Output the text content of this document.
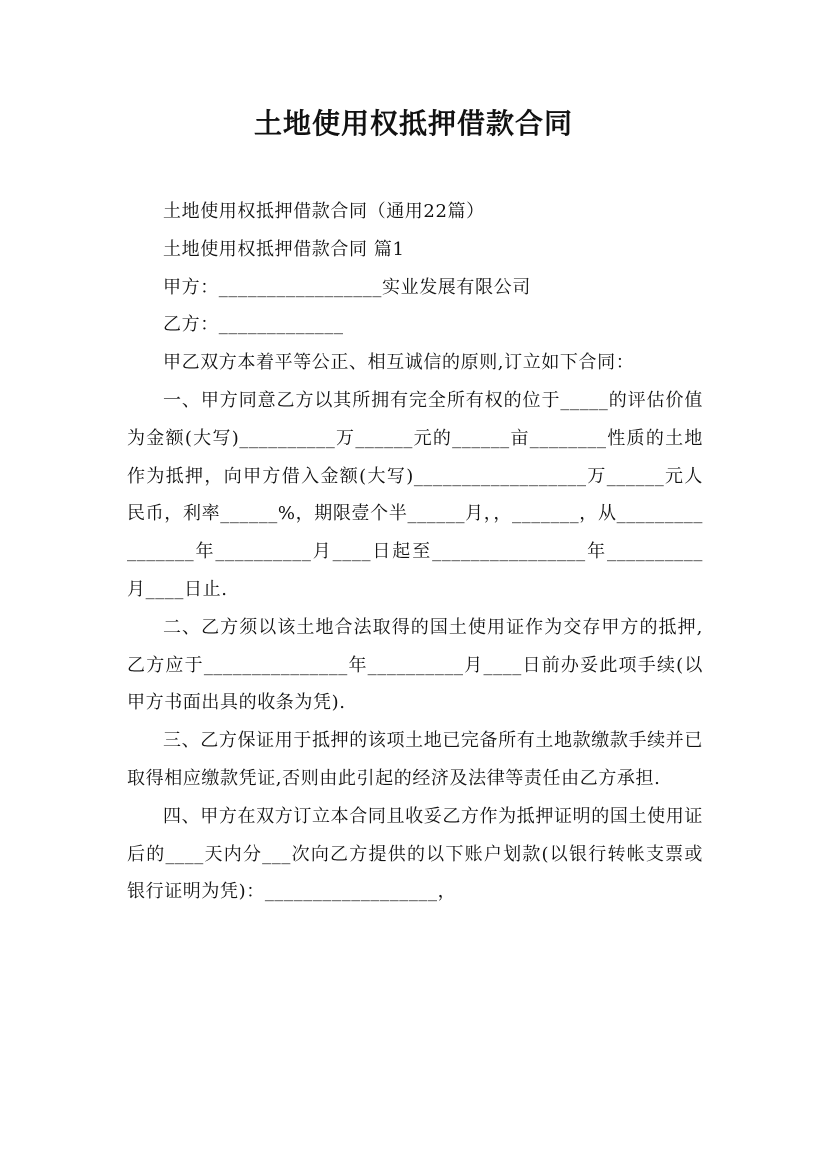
土地使用权抵押借款合同

土地使用权抵押借款合同（通用22篇）

土地使用权抵押借款合同 篇1

甲方：_________________实业发展有限公司

乙方：_____________

甲乙双方本着平等公正、相互诚信的原则,订立如下合同：

一、甲方同意乙方以其所拥有完全所有权的位于_____的评估价值为金额(大写)__________万______元的______亩________性质的土地作为抵押，向甲方借入金额(大写)__________________万______元人民币，利率______%，期限壹个半______月，，_______，从________________年__________月____日起至________________年__________月____日止.

二、乙方须以该土地合法取得的国土使用证作为交存甲方的抵押,乙方应于_______________年__________月____日前办妥此项手续(以甲方书面出具的收条为凭).

三、乙方保证用于抵押的该项土地已完备所有土地款缴款手续并已取得相应缴款凭证,否则由此引起的经济及法律等责任由乙方承担.

四、甲方在双方订立本合同且收妥乙方作为抵押证明的国土使用证后的____天内分___次向乙方提供的以下账户划款(以银行转帐支票或银行证明为凭)：__________________，
